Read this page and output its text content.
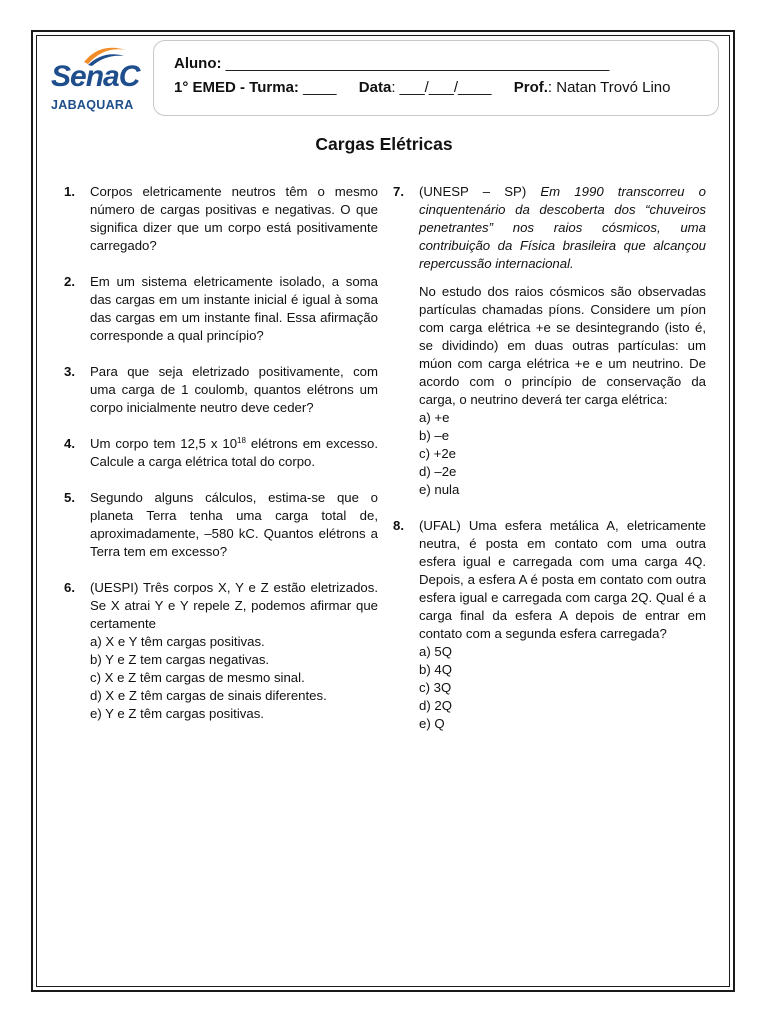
SenaC
JABAQUARA
Aluno: ______________________________________________
1° EMED - Turma: ____ Data: ___/___/____ Prof.: Natan Trovó Lino
Cargas Elétricas
1.	Corpos eletricamente neutros têm o mesmo número de cargas positivas e negativas. O que significa dizer que um corpo está positivamente carregado?
2.	Em um sistema eletricamente isolado, a soma das cargas em um instante inicial é igual à soma das cargas em um instante final. Essa afirmação corresponde a qual princípio?
3.	Para que seja eletrizado positivamente, com uma carga de 1 coulomb, quantos elétrons um corpo inicialmente neutro deve ceder?
4.	Um corpo tem 12,5 x $10^{18}$ elétrons em excesso. Calcule a carga elétrica total do corpo.
5.	Segundo alguns cálculos, estima-se que o planeta Terra tenha uma carga total de, aproximadamente, –580 kC. Quantos elétrons a Terra tem em excesso?
6.	(UESPI) Três corpos X, Y e Z estão eletrizados. Se X atrai Y e Y repele Z, podemos afirmar que certamente
a) X e Y têm cargas positivas.
b) Y e Z tem cargas negativas.
c) X e Z têm cargas de mesmo sinal.
d) X e Z têm cargas de sinais diferentes.
e) Y e Z têm cargas positivas.
7.	(UNESP – SP) Em 1990 transcorreu o cinquentenário da descoberta dos “chuveiros penetrantes” nos raios cósmicos, uma contribuição da Física brasileira que alcançou repercussão internacional.
No estudo dos raios cósmicos são observadas partículas chamadas píons. Considere um píon com carga elétrica +e se desintegrando (isto é, se dividindo) em duas outras partículas: um múon com carga elétrica +e e um neutrino. De acordo com o princípio de conservação da carga, o neutrino deverá ter carga elétrica:
a) +e
b) –e
c) +2e
d) –2e
e) nula
8.	(UFAL) Uma esfera metálica A, eletricamente neutra, é posta em contato com uma outra esfera igual e carregada com uma carga 4Q. Depois, a esfera A é posta em contato com outra esfera igual e carregada com carga 2Q. Qual é a carga final da esfera A depois de entrar em contato com a segunda esfera carregada?
a) 5Q
b) 4Q
c) 3Q
d) 2Q
e) Q
